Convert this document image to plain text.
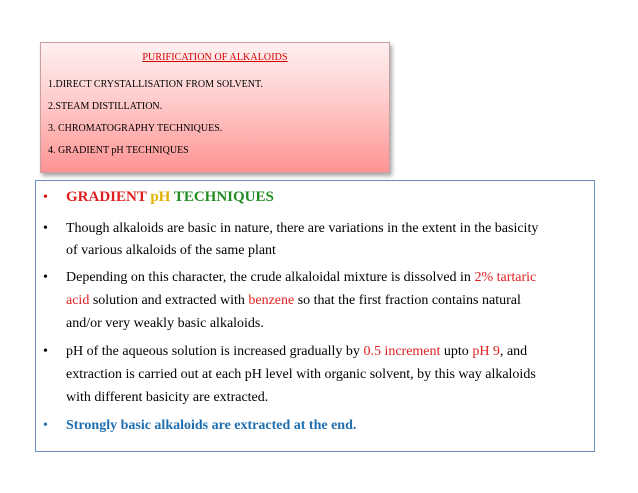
PURIFICATION OF ALKALOIDS
1.DIRECT CRYSTALLISATION FROM SOLVENT.
2.STEAM DISTILLATION.
3. CHROMATOGRAPHY TECHNIQUES.
4. GRADIENT pH TECHNIQUES
• GRADIENT pH TECHNIQUES
• Though alkaloids are basic in nature, there are variations in the extent in the basicity
of various alkaloids of the same plant
• Depending on this character, the crude alkaloidal mixture is dissolved in 2% tartaric
acid solution and extracted with benzene so that the first fraction contains natural
and/or very weakly basic alkaloids.
• pH of the aqueous solution is increased gradually by 0.5 increment upto pH 9, and
extraction is carried out at each pH level with organic solvent, by this way alkaloids
with different basicity are extracted.
• Strongly basic alkaloids are extracted at the end.
